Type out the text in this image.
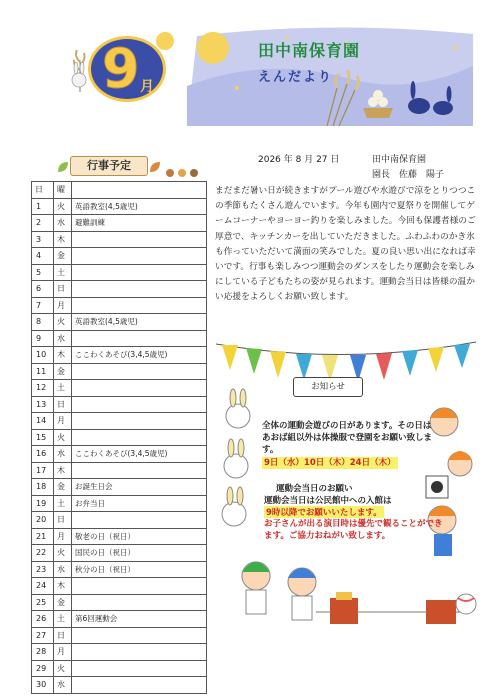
9 月
田中南保育園
えんだより
行事予定
日	曜	
1	火	英語教室(4,5歳児)
2	水	避難訓練
3	木	
4	金	
5	土	
6	日	
7	月	
8	火	英語教室(4,5歳児)
9	水	
10	木	ここわくあそび(3,4,5歳児)
11	金	
12	土	
13	日	
14	月	
15	火	
16	水	ここわくあそび(3,4,5歳児)
17	木	
18	金	お誕生日会
19	土	お弁当日
20	日	
21	月	敬老の日（祝日）
22	火	国民の日（祝日）
23	水	秋分の日（祝日）
24	木	
25	金	
26	土	第6回運動会
27	日	
28	月	
29	火	
30	水	
2026 年 8 月 27 日	田中南保育園
園長　佐藤　陽子

まだまだ暑い日が続きますがプール遊びや水遊びで涼をとりつつこの季節もたくさん遊んでいます。今年も園内で夏祭りを開催してゲームコーナーやヨーヨー釣りを楽しみました。今回も保護者様のご厚意で、キッチンカーを出していただきました。ふわふわのかき氷も作っていただいて満面の笑みでした。夏の良い思い出になれば幸いです。行事も楽しみつつ運動会のダンスをしたり運動会を楽しみにしている子どもたちの姿が見られます。運動会当日は皆様の温かい応援をよろしくお願い致します。

お知らせ
全体の運動会遊びの日があります。その日はあおば組以外は体操服で登園をお願い致します。
9日（水）10日（木）24日（木）
運動会当日のお願い
運動会当日は公民館中への入館は
9時以降でお願いいたします。
お子さんが出る演目時は優先で観ることができます。ご協力おねがい致します。
